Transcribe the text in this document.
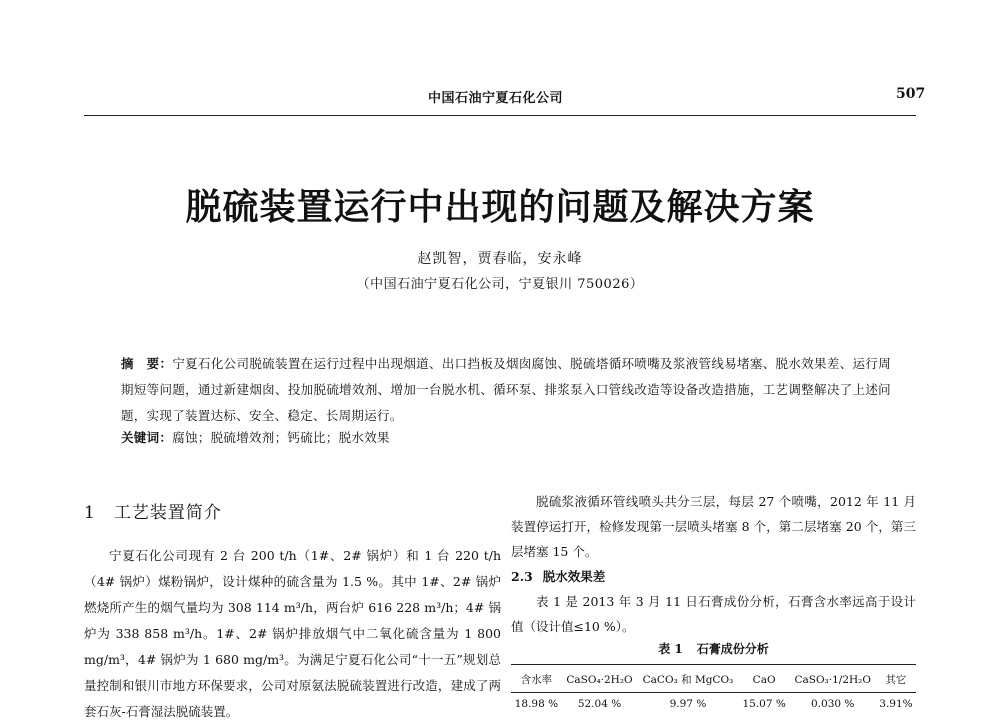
中国石油宁夏石化公司	507
脱硫装置运行中出现的问题及解决方案
赵凯智，贾春临，安永峰
（中国石油宁夏石化公司，宁夏银川 750026）
摘　要：宁夏石化公司脱硫装置在运行过程中出现烟道、出口挡板及烟囱腐蚀、脱硫塔循环喷嘴及浆液管线易堵塞、脱水效果差、运行周期短等问题，通过新建烟囱、投加脱硫增效剂、增加一台脱水机、循环泵、排浆泵入口管线改造等设备改造措施，工艺调整解决了上述问题，实现了装置达标、安全、稳定、长周期运行。
关键词：腐蚀；脱硫增效剂；钙硫比；脱水效果
1 工艺装置简介

宁夏石化公司现有 2 台 200 t/h（1#、2# 锅炉）和 1 台 220 t/h（4# 锅炉）煤粉锅炉，设计煤种的硫含量为 1.5 %。其中 1#、2# 锅炉燃烧所产生的烟气量均为 308 114 m³/h，两台炉 616 228 m³/h；4# 锅炉为 338 858 m³/h。1#、2# 锅炉排放烟气中二氧化硫含量为 1 800 mg/m³，4# 锅炉为 1 680 mg/m³。为满足宁夏石化公司“十一五”规划总量控制和银川市地方环保要求，公司对原氨法脱硫装置进行改造，建成了两套石灰-石膏湿法脱硫装置。

脱硫浆液循环管线喷头共分三层，每层 27 个喷嘴，2012 年 11 月装置停运打开，检修发现第一层喷头堵塞 8 个，第二层堵塞 20 个，第三层堵塞 15 个。

2.3 脱水效果差

表 1 是 2013 年 3 月 11 日石膏成份分析，石膏含水率远高于设计值（设计值≤10 %）。

表 1 石膏成份分析
含水率	CaSO₄·2H₂O	CaCO₃ 和 MgCO₃	CaO	CaSO₃·1/2H₂O	其它
18.98 %	52.04 %	9.97 %	15.07 %	0.030 %	3.91%
